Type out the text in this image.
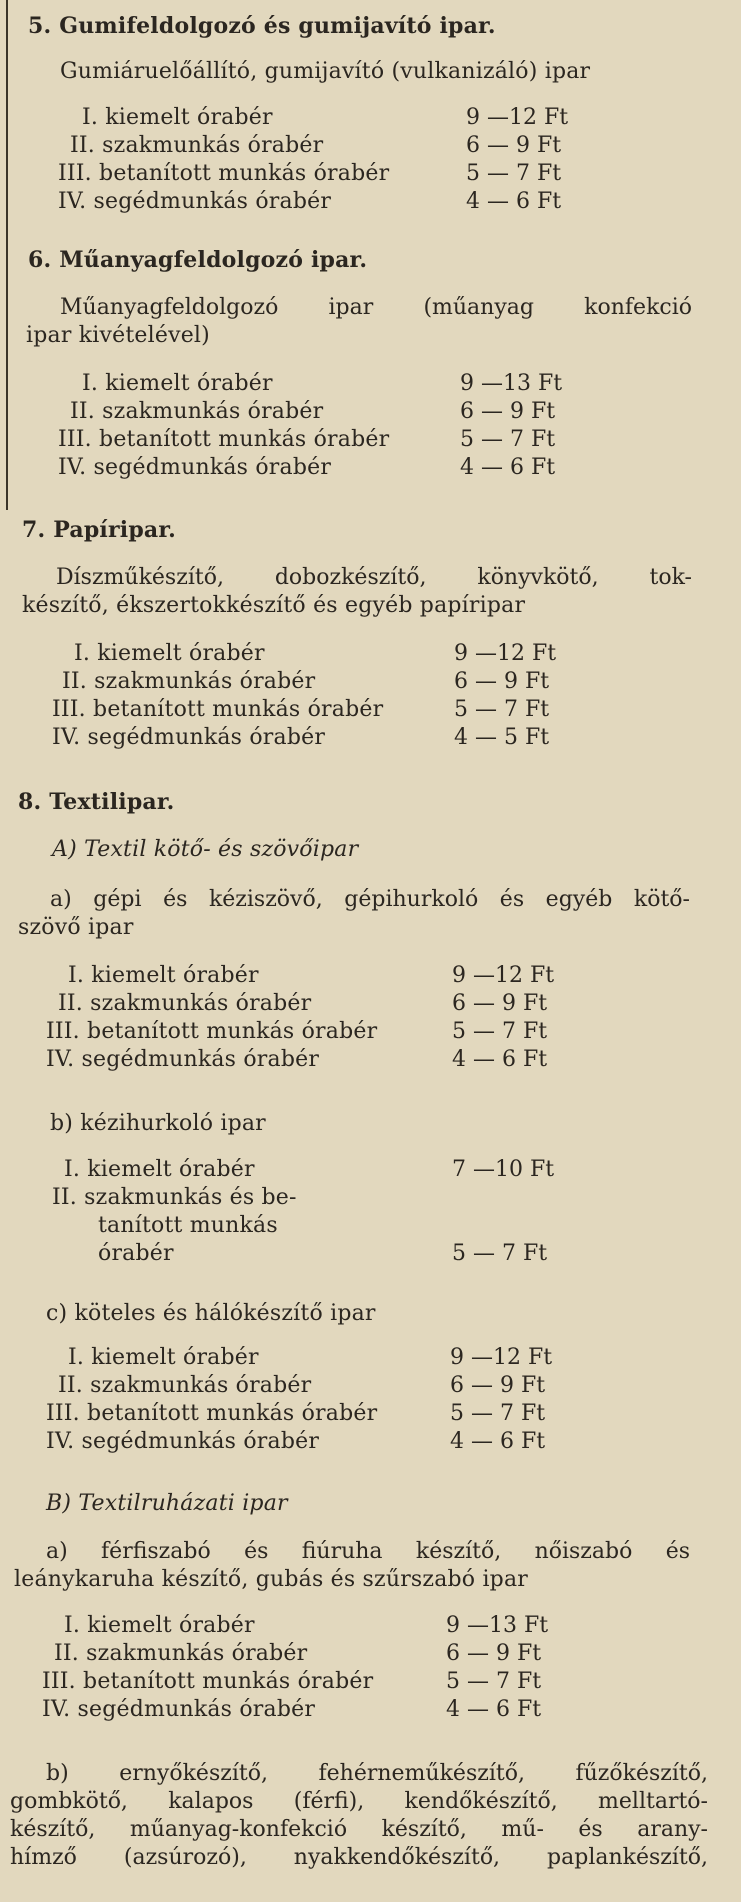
5. Gumifeldolgozó és gumijavító ipar.
Gumiáruelőállító, gumijavító (vulkanizáló) ipar
I. kiemelt órabér	9 —12 Ft
II. szakmunkás órabér	6 — 9 Ft
III. betanított munkás órabér	5 — 7 Ft
IV. segédmunkás órabér	4 — 6 Ft
6. Műanyagfeldolgozó ipar.
Műanyagfeldolgozó ipar (műanyag konfekció
ipar kivételével)
I. kiemelt órabér	9 —13 Ft
II. szakmunkás órabér	6 — 9 Ft
III. betanított munkás órabér	5 — 7 Ft
IV. segédmunkás órabér	4 — 6 Ft
7. Papíripar.
Díszműkészítő, dobozkészítő, könyvkötő, tok-
készítő, ékszertokkészítő és egyéb papíripar
I. kiemelt órabér	9 —12 Ft
II. szakmunkás órabér	6 — 9 Ft
III. betanított munkás órabér	5 — 7 Ft
IV. segédmunkás órabér	4 — 5 Ft
8. Textilipar.
A) Textil kötő- és szövőipar
a) gépi és kéziszövő, gépihurkoló és egyéb kötő-
szövő ipar
I. kiemelt órabér	9 —12 Ft
II. szakmunkás órabér	6 — 9 Ft
III. betanított munkás órabér	5 — 7 Ft
IV. segédmunkás órabér	4 — 6 Ft
b) kézihurkoló ipar
I. kiemelt órabér	7 —10 Ft
II. szakmunkás és be-
tanított munkás
órabér	5 — 7 Ft
c) köteles és hálókészítő ipar
I. kiemelt órabér	9 —12 Ft
II. szakmunkás órabér	6 — 9 Ft
III. betanított munkás órabér	5 — 7 Ft
IV. segédmunkás órabér	4 — 6 Ft
B) Textilruházati ipar
a) férfiszabó és fiúruha készítő, nőiszabó és
leánykaruha készítő, gubás és szűrszabó ipar
I. kiemelt órabér	9 —13 Ft
II. szakmunkás órabér	6 — 9 Ft
III. betanított munkás órabér	5 — 7 Ft
IV. segédmunkás órabér	4 — 6 Ft
b) ernyőkészítő, fehérneműkészítő, fűzőkészítő,
gombkötő, kalapos (férfi), kendőkészítő, melltartó-
készítő, műanyag-konfekció készítő, mű- és arany-
hímző (azsúrozó), nyakkendőkészítő, paplankészítő,
